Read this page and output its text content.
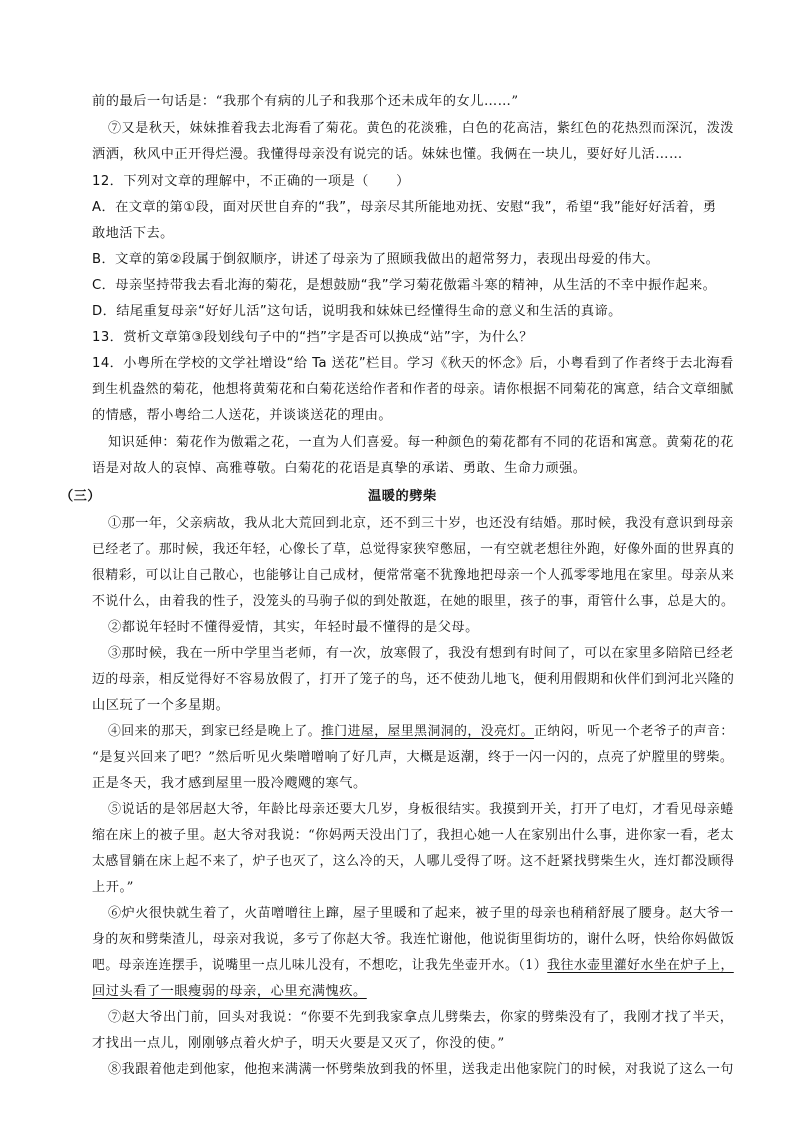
前的最后一句话是：“我那个有病的儿子和我那个还未成年的女儿……”
⑦又是秋天，妹妹推着我去北海看了菊花。黄色的花淡雅，白色的花高洁，紫红色的花热烈而深沉，泼泼
洒洒，秋风中正开得烂漫。我懂得母亲没有说完的话。妹妹也懂。我俩在一块儿，要好好儿活……
12．下列对文章的理解中，不正确的一项是（　　）
A．在文章的第①段，面对厌世自弃的“我”，母亲尽其所能地劝抚、安慰“我”，希望“我”能好好活着，勇
敢地活下去。
B．文章的第②段属于倒叙顺序，讲述了母亲为了照顾我做出的超常努力，表现出母爱的伟大。
C．母亲坚持带我去看北海的菊花，是想鼓励“我”学习菊花傲霜斗寒的精神，从生活的不幸中振作起来。
D．结尾重复母亲“好好儿活”这句话，说明我和妹妹已经懂得生命的意义和生活的真谛。
13．赏析文章第③段划线句子中的“挡”字是否可以换成“站”字，为什么？
14．小粤所在学校的文学社增设“给 Ta 送花”栏目。学习《秋天的怀念》后，小粤看到了作者终于去北海看
到生机盎然的菊花，他想将黄菊花和白菊花送给作者和作者的母亲。请你根据不同菊花的寓意，结合文章细腻
的情感，帮小粤给二人送花，并谈谈送花的理由。
知识延伸：菊花作为傲霜之花，一直为人们喜爱。每一种颜色的菊花都有不同的花语和寓意。黄菊花的花
语是对故人的哀悼、高雅尊敬。白菊花的花语是真挚的承诺、勇敢、生命力顽强。
（三）	温暖的劈柴
①那一年，父亲病故，我从北大荒回到北京，还不到三十岁，也还没有结婚。那时候，我没有意识到母亲
已经老了。那时候，我还年轻，心像长了草，总觉得家狭窄憋屈，一有空就老想往外跑，好像外面的世界真的
很精彩，可以让自己散心，也能够让自己成材，便常常毫不犹豫地把母亲一个人孤零零地甩在家里。母亲从来
不说什么，由着我的性子，没笼头的马驹子似的到处散逛，在她的眼里，孩子的事，甭管什么事，总是大的。
②都说年轻时不懂得爱情，其实，年轻时最不懂得的是父母。
③那时候，我在一所中学里当老师，有一次，放寒假了，我没有想到有时间了，可以在家里多陪陪已经老
迈的母亲，相反觉得好不容易放假了，打开了笼子的鸟，还不使劲儿地飞，便利用假期和伙伴们到河北兴隆的
山区玩了一个多星期。
④回来的那天，到家已经是晚上了。推门进屋，屋里黑洞洞的，没亮灯。正纳闷，听见一个老爷子的声音：
“是复兴回来了吧？”然后听见火柴噌噌响了好几声，大概是返潮，终于一闪一闪的，点亮了炉膛里的劈柴。
正是冬天，我才感到屋里一股冷飕飕的寒气。
⑤说话的是邻居赵大爷，年龄比母亲还要大几岁，身板很结实。我摸到开关，打开了电灯，才看见母亲蜷
缩在床上的被子里。赵大爷对我说：“你妈两天没出门了，我担心她一人在家别出什么事，进你家一看，老太
太感冒躺在床上起不来了，炉子也灭了，这么冷的天，人哪儿受得了呀。这不赶紧找劈柴生火，连灯都没顾得
上开。”
⑥炉火很快就生着了，火苗噌噌往上蹿，屋子里暖和了起来，被子里的母亲也稍稍舒展了腰身。赵大爷一
身的灰和劈柴渣儿，母亲对我说，多亏了你赵大爷。我连忙谢他，他说街里街坊的，谢什么呀，快给你妈做饭
吧。母亲连连摆手，说嘴里一点儿味儿没有，不想吃，让我先坐壶开水。（1）我往水壶里灌好水坐在炉子上，
回过头看了一眼瘦弱的母亲，心里充满愧疚。
⑦赵大爷出门前，回头对我说：“你要不先到我家拿点儿劈柴去，你家的劈柴没有了，我刚才找了半天，
才找出一点儿，刚刚够点着火炉子，明天火要是又灭了，你没的使。”
⑧我跟着他走到他家，他抱来满满一怀劈柴放到我的怀里，送我走出他家院门的时候，对我说了这么一句
